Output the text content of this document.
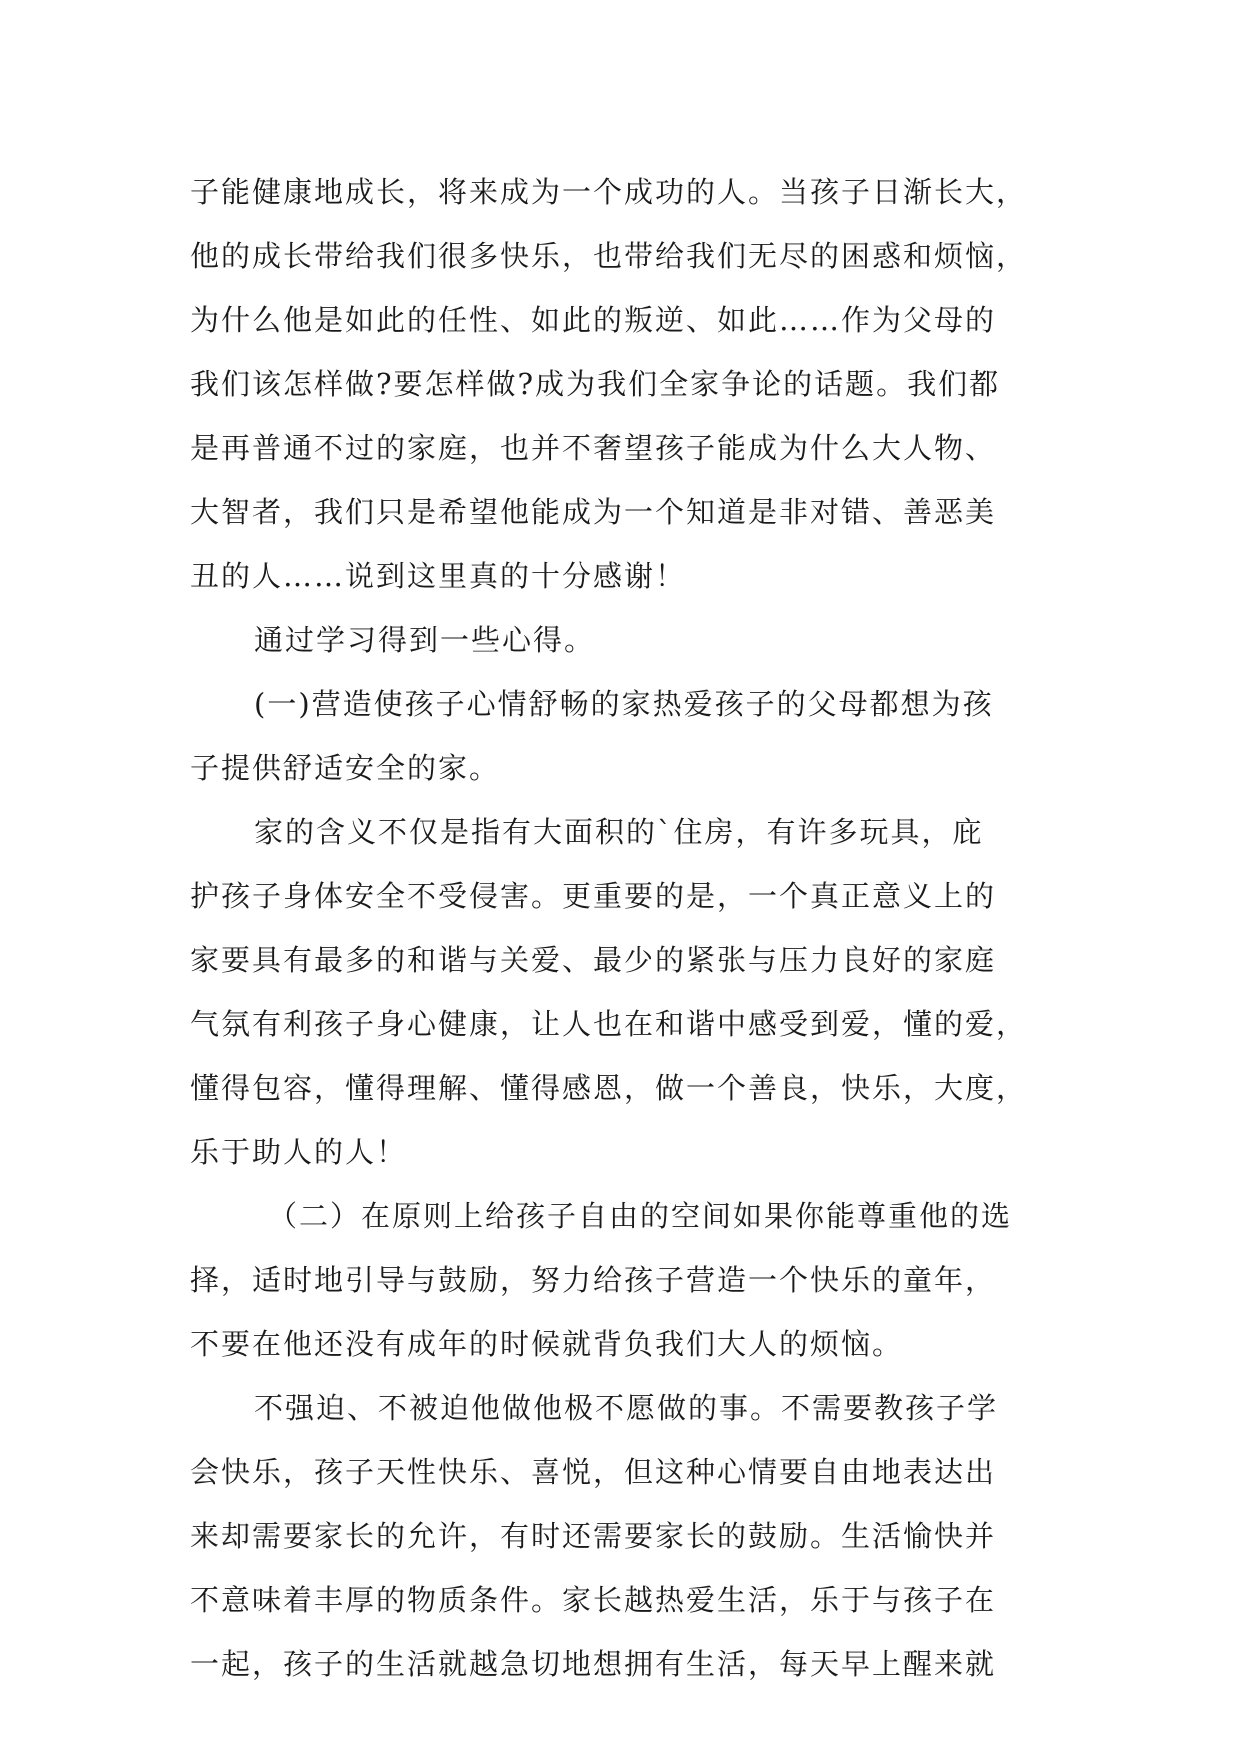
子能健康地成长，将来成为一个成功的人。当孩子日渐长大，
他的成长带给我们很多快乐，也带给我们无尽的困惑和烦恼，
为什么他是如此的任性、如此的叛逆、如此……作为父母的
我们该怎样做?要怎样做?成为我们全家争论的话题。我们都
是再普通不过的家庭，也并不奢望孩子能成为什么大人物、
大智者，我们只是希望他能成为一个知道是非对错、善恶美
丑的人……说到这里真的十分感谢！
通过学习得到一些心得。
(一)营造使孩子心情舒畅的家热爱孩子的父母都想为孩
子提供舒适安全的家。
家的含义不仅是指有大面积的`住房，有许多玩具，庇
护孩子身体安全不受侵害。更重要的是，一个真正意义上的
家要具有最多的和谐与关爱、最少的紧张与压力良好的家庭
气氛有利孩子身心健康，让人也在和谐中感受到爱，懂的爱，
懂得包容，懂得理解、懂得感恩，做一个善良，快乐，大度，
乐于助人的人！
（二）在原则上给孩子自由的空间如果你能尊重他的选
择，适时地引导与鼓励，努力给孩子营造一个快乐的童年，
不要在他还没有成年的时候就背负我们大人的烦恼。
不强迫、不被迫他做他极不愿做的事。不需要教孩子学
会快乐，孩子天性快乐、喜悦，但这种心情要自由地表达出
来却需要家长的允许，有时还需要家长的鼓励。生活愉快并
不意味着丰厚的物质条件。家长越热爱生活，乐于与孩子在
一起，孩子的生活就越急切地想拥有生活，每天早上醒来就
